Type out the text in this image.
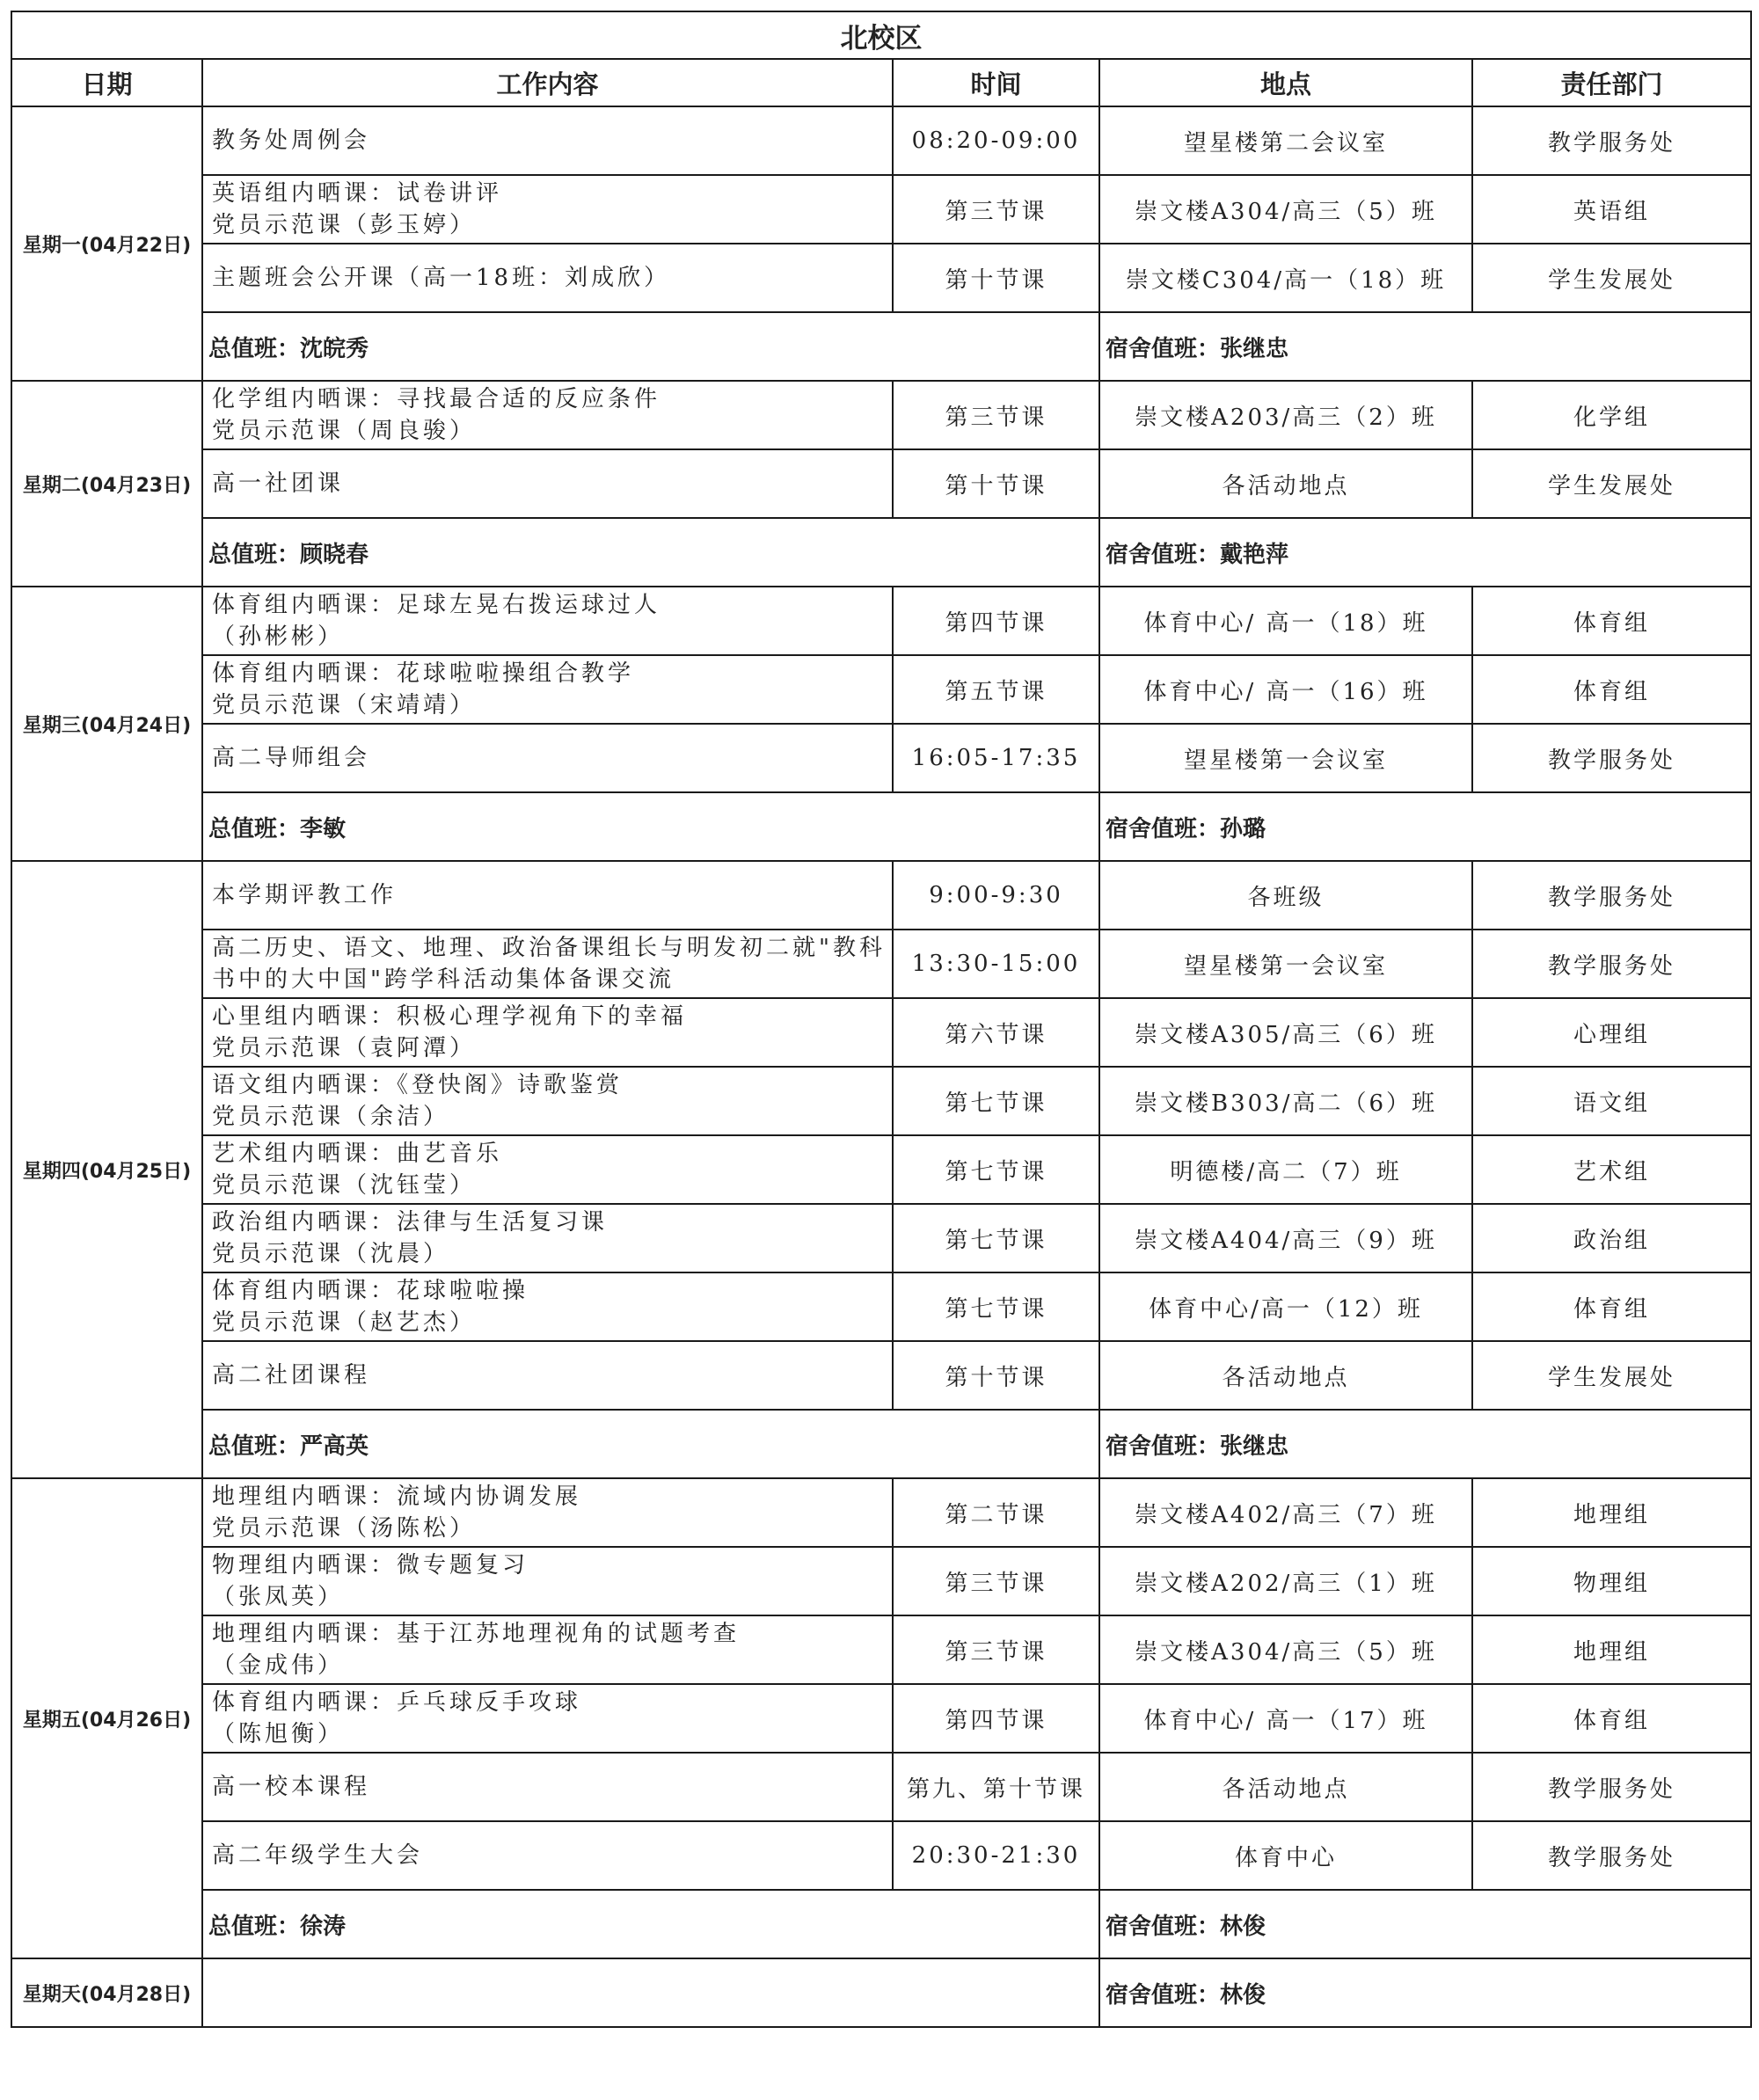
北校区				
日期	工作内容	时间	地点	责任部门
星期一(04月22日)	教务处周例会	08:20-09:00	望星楼第二会议室	教学服务处

	英语组内晒课：试卷讲评
党员示范课（彭玉婷）	第三节课	崇文楼A304/高三（5）班	英语组

	主题班会公开课（高一18班：刘成欣）	第十节课	崇文楼C304/高一（18）班	学生发展处
	总值班：沈皖秀		宿舍值班：张继忠	
星期二(04月23日)	化学组内晒课：寻找最合适的反应条件
党员示范课（周良骏）	第三节课	崇文楼A203/高三（2）班	化学组

	高一社团课	第十节课	各活动地点	学生发展处
	总值班：顾晓春		宿舍值班：戴艳萍	
星期三(04月24日)	体育组内晒课：足球左晃右拨运球过人
（孙彬彬）	第四节课	体育中心/ 高一（18）班	体育组

	体育组内晒课：花球啦啦操组合教学
党员示范课（宋靖靖）	第五节课	体育中心/ 高一（16）班	体育组

	高二导师组会	16:05-17:35	望星楼第一会议室	教学服务处
	总值班：李敏		宿舍值班：孙璐	
星期四(04月25日)	本学期评教工作	9:00-9:30	各班级	教学服务处

	高二历史、语文、地理、政治备课组长与明发初二就"教科
书中的大中国"跨学科活动集体备课交流	13:30-15:00	望星楼第一会议室	教学服务处

	心里组内晒课：积极心理学视角下的幸福
党员示范课（袁阿潭）	第六节课	崇文楼A305/高三（6）班	心理组

	语文组内晒课：《登快阁》诗歌鉴赏
党员示范课（余洁）	第七节课	崇文楼B303/高二（6）班	语文组

	艺术组内晒课：曲艺音乐
党员示范课（沈钰莹）	第七节课	明德楼/高二（7）班	艺术组

	政治组内晒课：法律与生活复习课
党员示范课（沈晨）	第七节课	崇文楼A404/高三（9）班	政治组

	体育组内晒课：花球啦啦操
党员示范课（赵艺杰）	第七节课	体育中心/高一（12）班	体育组

	高二社团课程	第十节课	各活动地点	学生发展处
	总值班：严高英		宿舍值班：张继忠	
星期五(04月26日)	地理组内晒课：流域内协调发展
党员示范课（汤陈松）	第二节课	崇文楼A402/高三（7）班	地理组

	物理组内晒课：微专题复习
（张凤英）	第三节课	崇文楼A202/高三（1）班	物理组

	地理组内晒课：基于江苏地理视角的试题考查
（金成伟）	第三节课	崇文楼A304/高三（5）班	地理组

	体育组内晒课：乒乓球反手攻球
（陈旭衡）	第四节课	体育中心/ 高一（17）班	体育组

	高一校本课程	第九、第十节课	各活动地点	教学服务处

	高二年级学生大会	20:30-21:30	体育中心	教学服务处
	总值班：徐涛		宿舍值班：林俊	
星期天(04月28日)			宿舍值班：林俊	
